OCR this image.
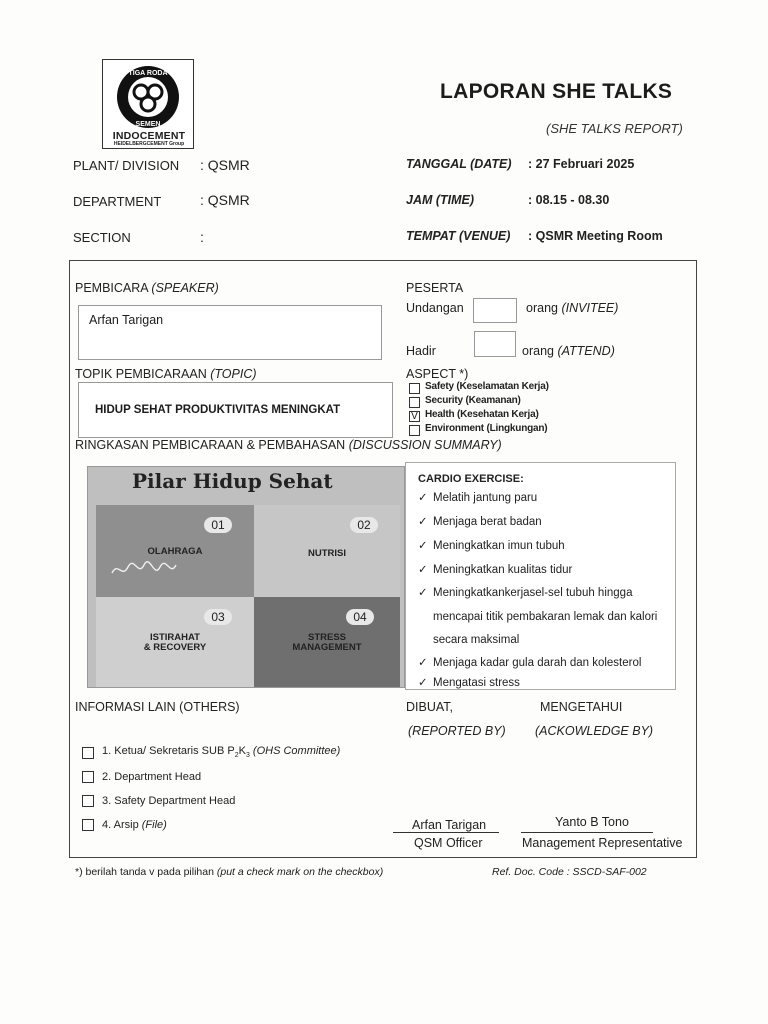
TIGA RODA
SEMEN
INDOCEMENT
HEIDELBERGCEMENT Group
LAPORAN SHE TALKS
(SHE TALKS REPORT)
PLANT/ DIVISION : QSMR
DEPARTMENT	: QSMR
SECTION	:
TANGGAL (DATE) : 27 Februari 2025
JAM (TIME)	: 08.15 - 08.30
TEMPAT (VENUE) : QSMR Meeting Room
PEMBICARA (SPEAKER)
Arfan Tarigan
PESERTA
Undangan	orang (INVITEE)
Hadir	orang (ATTEND)
TOPIK PEMBICARAAN (TOPIC)
HIDUP SEHAT PRODUKTIVITAS MENINGKAT
ASPECT *)
Safety (Keselamatan Kerja)
Security (Keamanan)
V Health (Kesehatan Kerja)
Environment (Lingkungan)
RINGKASAN PEMBICARAAN & PEMBAHASAN (DISCUSSION SUMMARY)
Pilar Hidup Sehat
01
OLAHRAGA
02
NUTRISI
03
ISTIRAHAT
& RECOVERY
04
STRESS
MANAGEMENT
CARDIO EXERCISE:
✓ Melatih jantung paru
✓ Menjaga berat badan
✓ Meningkatkan imun tubuh
✓ Meningkatkan kualitas tidur
✓ Meningkatkankerjasel-sel tubuh hingga mencapai titik pembakaran lemak dan kalori secara maksimal
✓ Menjaga kadar gula darah dan kolesterol
✓ Mengatasi stress
INFORMASI LAIN (OTHERS)
1. Ketua/ Sekretaris SUB $P_2K_3$ (OHS Committee)
2. Department Head
3. Safety Department Head
4. Arsip (File)
DIBUAT,	MENGETAHUI
(REPORTED BY) (ACKOWLEDGE BY)
Arfan Tarigan
QSM Officer
Yanto B Tono
Management Representative
*) berilah tanda v pada pilihan (put a check mark on the checkbox)	Ref. Doc. Code : SSCD-SAF-002
